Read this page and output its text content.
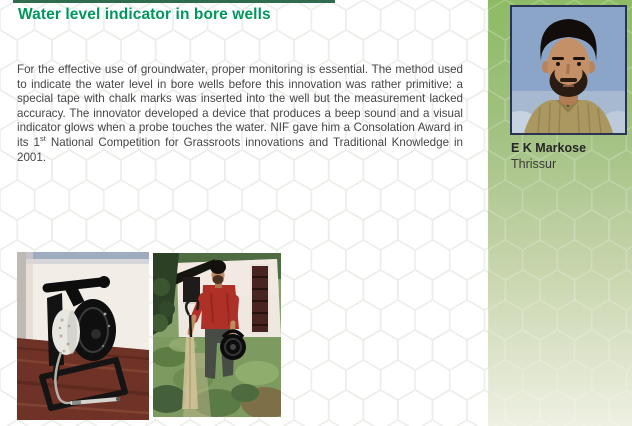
Water level indicator in bore wells

For the effective use of groundwater, proper monitoring is essential. The method used to indicate the water level in bore wells before this innovation was rather primitive: a special tape with chalk marks was inserted into the well but the measurement lacked accuracy. The innovator developed a device that produces a beep sound and a visual indicator glows when a probe touches the water. NIF gave him a Consolation Award in its 1st National Competition for Grassroots innovations and Traditional Knowledge in 2001.

E K Markose

Thrissur
